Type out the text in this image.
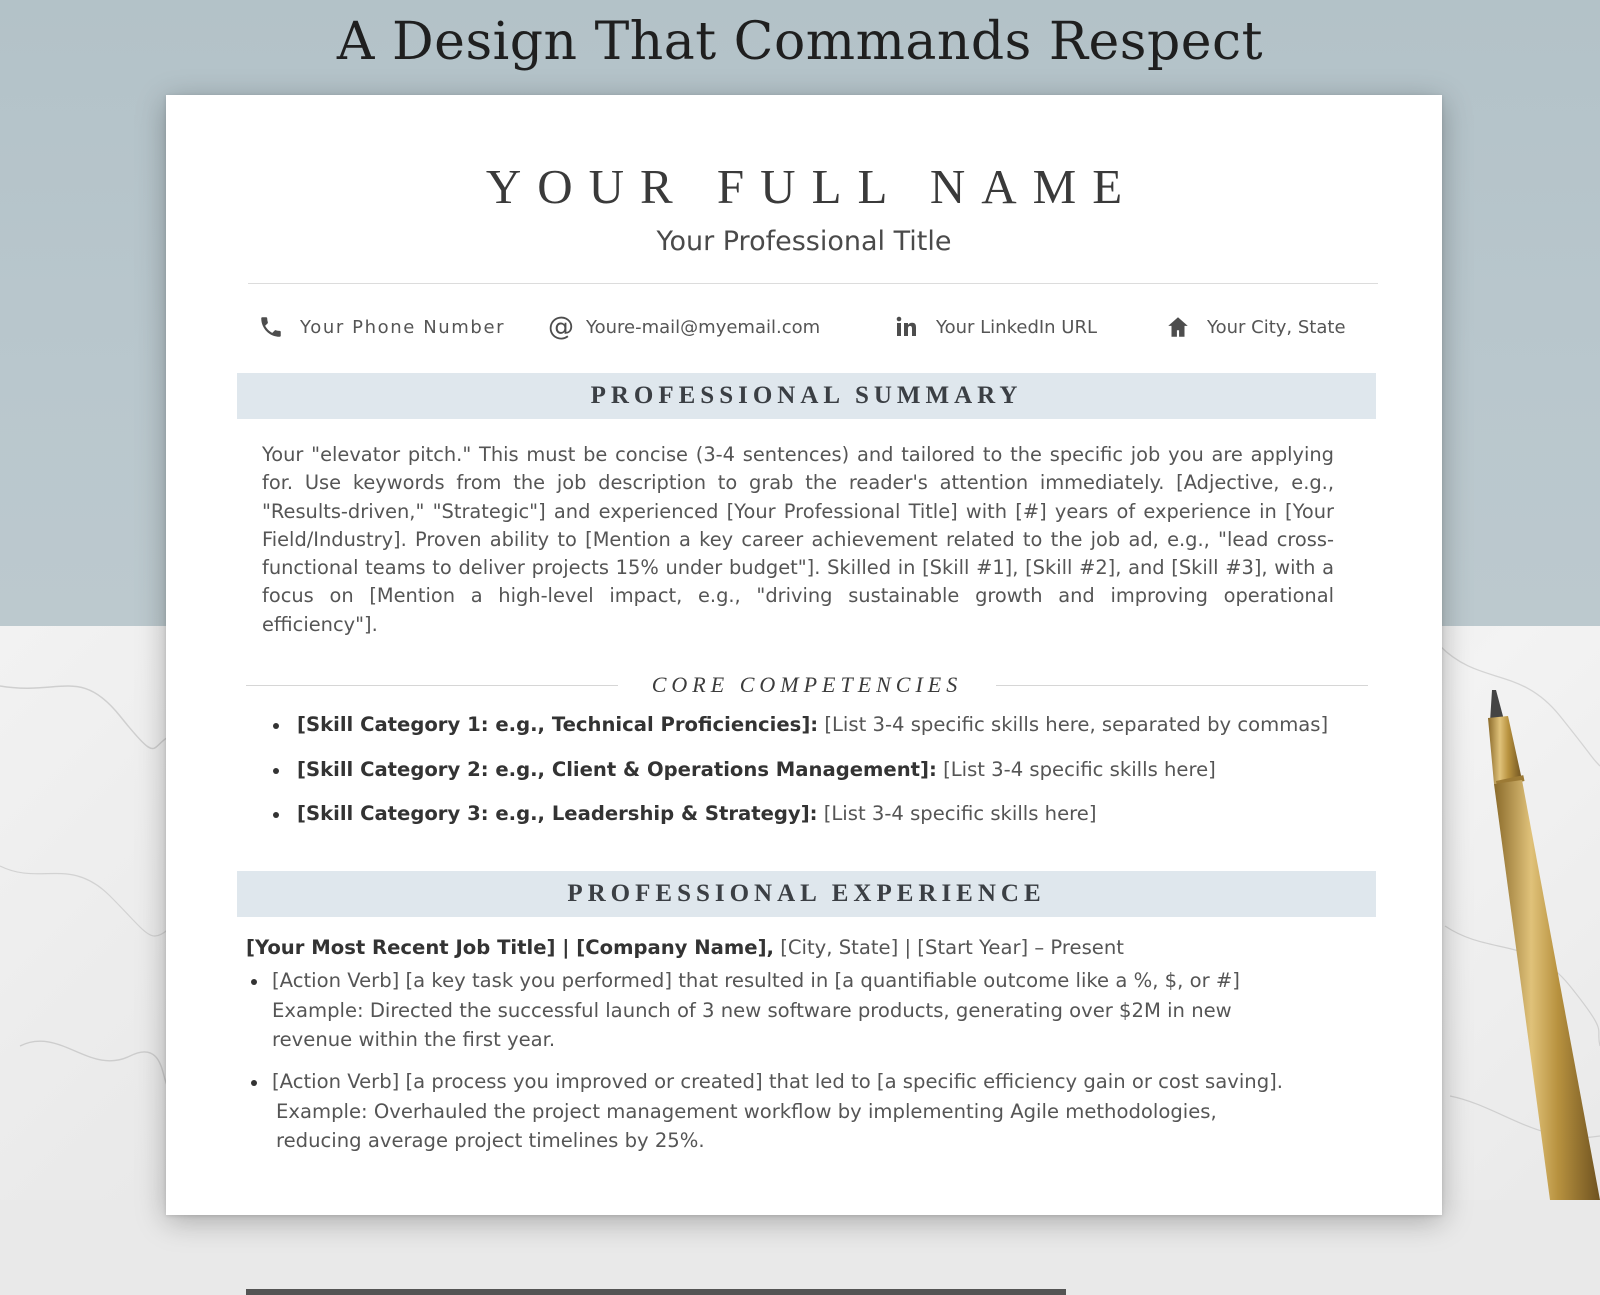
A Design That Commands Respect
YOUR FULL NAME
Your Professional Title
Your Phone Number @ Youre-mail@myemail.com	Your LinkedIn URL	Your City, State
PROFESSIONAL SUMMARY

Your "elevator pitch." This must be concise (3-4 sentences) and tailored to the specific job you are applying for. Use keywords from the job description to grab the reader's attention immediately. [Adjective, e.g., "Results-driven," "Strategic"] and experienced [Your Professional Title] with [#] years of experience in [Your Field/Industry]. Proven ability to [Mention a key career achievement related to the job ad, e.g., "lead cross-functional teams to deliver projects 15% under budget"]. Skilled in [Skill #1], [Skill #2], and [Skill #3], with a focus on [Mention a high-level impact, e.g., "driving sustainable growth and improving operational efficiency"].

CORE COMPETENCIES
[Skill Category 1: e.g., Technical Proficiencies]: [List 3-4 specific skills here, separated by commas]
[Skill Category 2: e.g., Client & Operations Management]: [List 3-4 specific skills here]
[Skill Category 3: e.g., Leadership & Strategy]: [List 3-4 specific skills here]
PROFESSIONAL EXPERIENCE
[Your Most Recent Job Title] | [Company Name], [City, State] | [Start Year] – Present
[Action Verb] [a key task you performed] that resulted in [a quantifiable outcome like a %, $, or #]
Example: Directed the successful launch of 3 new software products, generating over $2M in new revenue within the first year.
[Action Verb] [a process you improved or created] that led to [a specific efficiency gain or cost saving].
Example: Overhauled the project management workflow by implementing Agile methodologies, reducing average project timelines by 25%.
